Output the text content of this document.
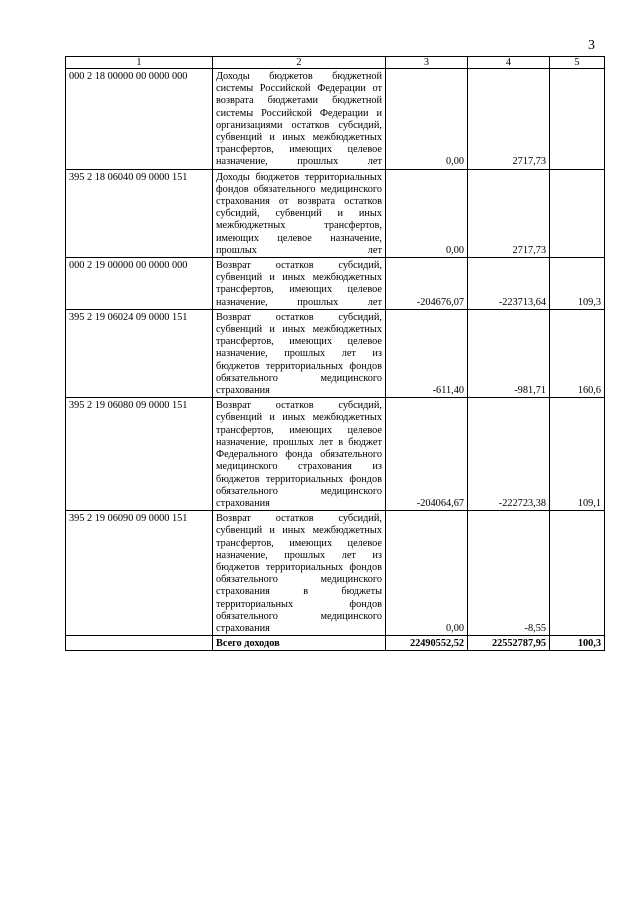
3
1	2	3	4	5
000 2 18 00000 00 0000 000	Доходы бюджетов бюджетной системы Российской Федерации от возврата бюджетами бюджетной системы Российской Федерации и организациями остатков субсидий, субвенций и иных межбюджетных трансфертов, имеющих целевое назначение, прошлых лет	0,00	2717,73	
395 2 18 06040 09 0000 151	Доходы бюджетов территориальных фондов обязательного медицинского страхования от возврата остатков субсидий, субвенций и иных межбюджетных трансфертов, имеющих целевое назначение, прошлых лет	0,00	2717,73	
000 2 19 00000 00 0000 000	Возврат остатков субсидий, субвенций и иных межбюджетных трансфертов, имеющих целевое назначение, прошлых лет	-204676,07	-223713,64	109,3
395 2 19 06024 09 0000 151	Возврат остатков субсидий, субвенций и иных межбюджетных трансфертов, имеющих целевое назначение, прошлых лет из бюджетов территориальных фондов обязательного медицинского страхования	-611,40	-981,71	160,6
395 2 19 06080 09 0000 151	Возврат остатков субсидий, субвенций и иных межбюджетных трансфертов, имеющих целевое назначение, прошлых лет в бюджет Федерального фонда обязательного медицинского страхования из бюджетов территориальных фондов обязательного медицинского страхования	-204064,67	-222723,38	109,1
395 2 19 06090 09 0000 151	Возврат остатков субсидий, субвенций и иных межбюджетных трансфертов, имеющих целевое назначение, прошлых лет из бюджетов территориальных фондов обязательного медицинского страхования в бюджеты территориальных фондов обязательного медицинского страхования	0,00	-8,55	
	Всего доходов	22490552,52	22552787,95	100,3
